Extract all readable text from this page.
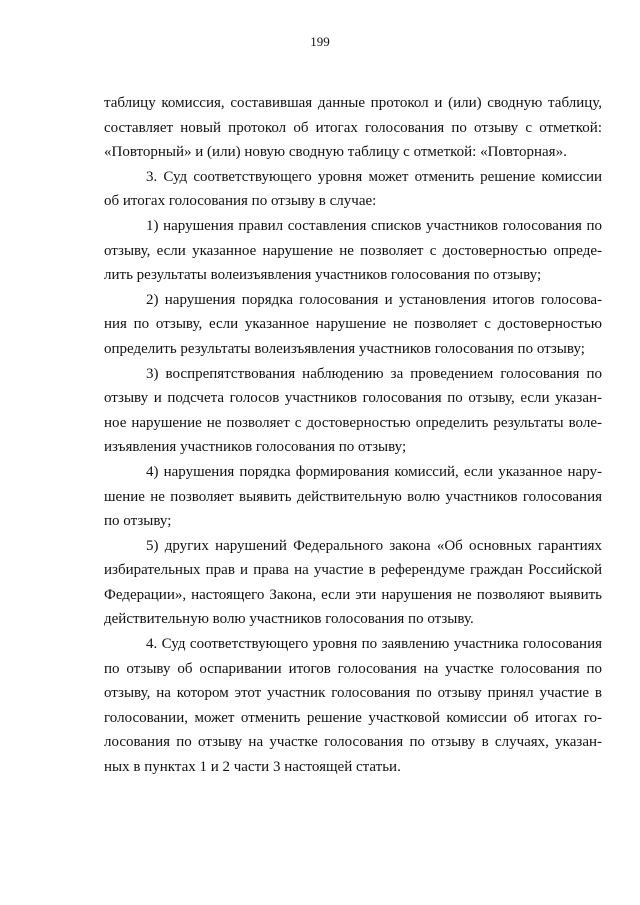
199
таблицу комиссия, составившая данные протокол и (или) сводную таблицу,
составляет новый протокол об итогах голосования по отзыву с отметкой:
«Повторный» и (или) новую сводную таблицу с отметкой: «Повторная».
3. Суд соответствующего уровня может отменить решение комиссии
об итогах голосования по отзыву в случае:
1) нарушения правил составления списков участников голосования по
отзыву, если указанное нарушение не позволяет с достоверностью опреде-
лить результаты волеизъявления участников голосования по отзыву;
2) нарушения порядка голосования и установления итогов голосова-
ния по отзыву, если указанное нарушение не позволяет с достоверностью
определить результаты волеизъявления участников голосования по отзыву;
3) воспрепятствования наблюдению за проведением голосования по
отзыву и подсчета голосов участников голосования по отзыву, если указан-
ное нарушение не позволяет с достоверностью определить результаты воле-
изъявления участников голосования по отзыву;
4) нарушения порядка формирования комиссий, если указанное нару-
шение не позволяет выявить действительную волю участников голосования
по отзыву;
5) других нарушений Федерального закона «Об основных гарантиях
избирательных прав и права на участие в референдуме граждан Российской
Федерации», настоящего Закона, если эти нарушения не позволяют выявить
действительную волю участников голосования по отзыву.
4. Суд соответствующего уровня по заявлению участника голосования
по отзыву об оспаривании итогов голосования на участке голосования по
отзыву, на котором этот участник голосования по отзыву принял участие в
голосовании, может отменить решение участковой комиссии об итогах го-
лосования по отзыву на участке голосования по отзыву в случаях, указан-
ных в пунктах 1 и 2 части 3 настоящей статьи.
